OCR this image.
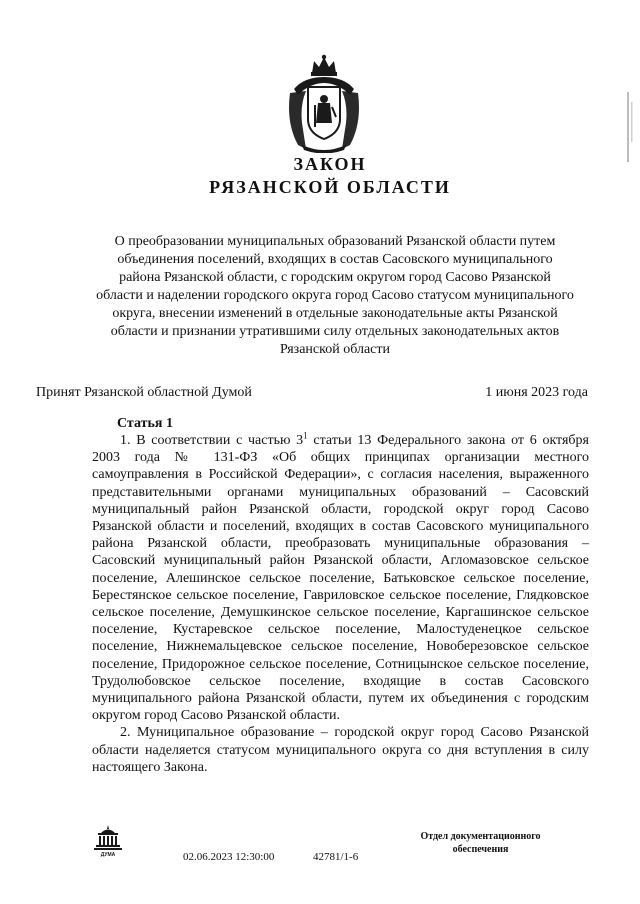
ЗАКОН
РЯЗАНСКОЙ ОБЛАСТИ
О преобразовании муниципальных образований Рязанской области путем объединения поселений, входящих в состав Сасовского муниципального района Рязанской области, с городским округом город Сасово Рязанской области и наделении городского округа город Сасово статусом муниципального округа, внесении изменений в отдельные законодательные акты Рязанской области и признании утратившими силу отдельных законодательных актов Рязанской области
Принят Рязанской областной Думой	1 июня 2023 года
Статья 1

1. В соответствии с частью $3^1$ статьи 13 Федерального закона от 6 октября 2003 года № 131-ФЗ «Об общих принципах организации местного самоуправления в Российской Федерации», с согласия населения, выраженного представительными органами муниципальных образований – Сасовский муниципальный район Рязанской области, городской округ город Сасово Рязанской области и поселений, входящих в состав Сасовского муниципального района Рязанской области, преобразовать муниципальные образования – Сасовский муниципальный район Рязанской области, Агломазовское сельское поселение, Алешинское сельское поселение, Батьковское сельское поселение, Берестянское сельское поселение, Гавриловское сельское поселение, Глядковское сельское поселение, Демушкинское сельское поселение, Каргашинское сельское поселение, Кустаревское сельское поселение, Малостуденецкое сельское поселение, Нижнемальцевское сельское поселение, Новоберезовское сельское поселение, Придорожное сельское поселение, Сотницынское сельское поселение, Трудолюбовское сельское поселение, входящие в состав Сасовского муниципального района Рязанской области, путем их объединения с городским округом город Сасово Рязанской области.

2. Муниципальное образование – городской округ город Сасово Рязанской области наделяется статусом муниципального округа со дня вступления в силу настоящего Закона.

ДУМА	02.06.2023 12:30:00	42781/1-6
Отдел документационного
обеспечения
